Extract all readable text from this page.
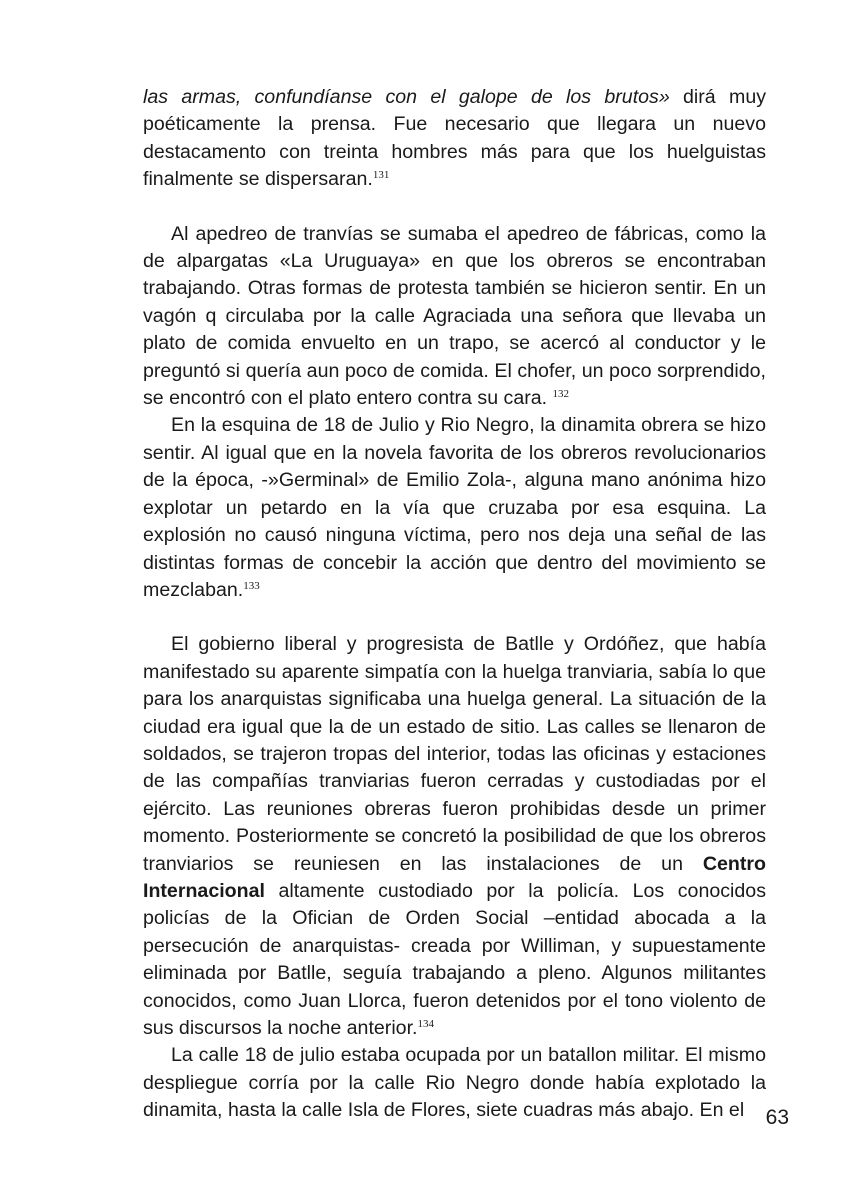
las armas, confundíanse con el galope de los brutos» dirá muy poéticamente la prensa. Fue necesario que llegara un nuevo destacamento con treinta hombres más para que los huelguistas finalmente se dispersaran.$^{131}$

Al apedreo de tranvías se sumaba el apedreo de fábricas, como la de alpargatas «La Uruguaya» en que los obreros se encontraban trabajando. Otras formas de protesta también se hicieron sentir. En un vagón q circulaba por la calle Agraciada una señora que llevaba un plato de comida envuelto en un trapo, se acercó al conductor y le preguntó si quería aun poco de comida. El chofer, un poco sorprendido, se encontró con el plato entero contra su cara. $^{132}$

En la esquina de 18 de Julio y Rio Negro, la dinamita obrera se hizo sentir. Al igual que en la novela favorita de los obreros revolucionarios de la época, -»Germinal» de Emilio Zola-, alguna mano anónima hizo explotar un petardo en la vía que cruzaba por esa esquina. La explosión no causó ninguna víctima, pero nos deja una señal de las distintas formas de concebir la acción que dentro del movimiento se mezclaban.$^{133}$

El gobierno liberal y progresista de Batlle y Ordóñez, que había manifestado su aparente simpatía con la huelga tranviaria, sabía lo que para los anarquistas significaba una huelga general. La situación de la ciudad era igual que la de un estado de sitio. Las calles se llenaron de soldados, se trajeron tropas del interior, todas las oficinas y estaciones de las compañías tranviarias fueron cerradas y custodiadas por el ejército. Las reuniones obreras fueron prohibidas desde un primer momento. Posteriormente se concretó la posibilidad de que los obreros tranviarios se reuniesen en las instalaciones de un Centro Internacional altamente custodiado por la policía. Los conocidos policías de la Ofician de Orden Social –entidad abocada a la persecución de anarquistas- creada por Williman, y supuestamente eliminada por Batlle, seguía trabajando a pleno. Algunos militantes conocidos, como Juan Llorca, fueron detenidos por el tono violento de sus discursos la noche anterior.$^{134}$

La calle 18 de julio estaba ocupada por un batallon militar. El mismo despliegue corría por la calle Rio Negro donde había explotado la dinamita, hasta la calle Isla de Flores, siete cuadras más abajo. En el	63
